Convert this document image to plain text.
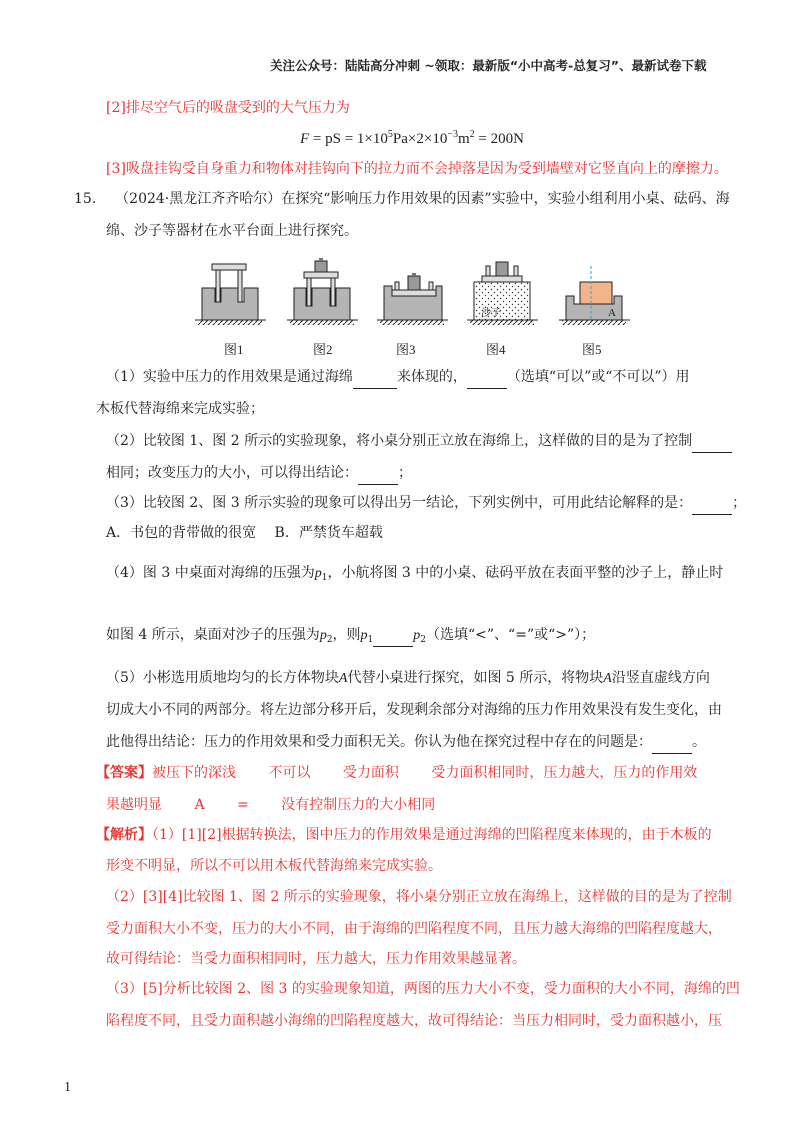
关注公众号：陆陆高分冲刺 ~领取：最新版“小中高考-总复习”、最新试卷下载
[2]排尽空气后的吸盘受到的大气压力为
F = pS = $1\times 10^5Pa\times 2\times 10^{-3}m^2 = 200N$
[3]吸盘挂钩受自身重力和物体对挂钩向下的拉力而不会掉落是因为受到墙壁对它竖直向上的摩擦力。
15. （2024·黑龙江齐齐哈尔）在探究“影响压力作用效果的因素”实验中，实验小组利用小桌、砝码、海
绵、沙子等器材在水平台面上进行探究。
沙子	A
图1	图2	图3	图4	图5
（1）实验中压力的作用效果是通过海绵	来体现的，	（选填“可以”或“不可以”）用
木板代替海绵来完成实验；
（2）比较图 1、图 2 所示的实验现象，将小桌分别正立放在海绵上，这样做的目的是为了控制
相同；改变压力的大小，可以得出结论：	；
（3）比较图 2、图 3 所示实验的现象可以得出另一结论，下列实例中，可用此结论解释的是：	；
A．书包的背带做的很宽　 B．严禁货车超载
（4）图 3 中桌面对海绵的压强为$p_1$，小航将图 3 中的小桌、砝码平放在表面平整的沙子上，静止时
如图 4 所示，桌面对沙子的压强为$p_2$，则$p_1$	$p_2$（选填“<”、“=”或“>”）；
（5）小彬选用质地均匀的长方体物块A代替小桌进行探究，如图 5 所示，将物块A沿竖直虚线方向
切成大小不同的两部分。将左边部分移开后，发现剩余部分对海绵的压力作用效果没有发生变化，由
此他得出结论：压力的作用效果和受力面积无关。你认为他在探究过程中存在的问题是：	。
【答案】被压下的深浅　　 不可以　　 受力面积　　 受力面积相同时，压力越大，压力的作用效
果越明显　　 A　　 =　　 没有控制压力的大小相同
【解析】（1）[1][2]根据转换法，图中压力的作用效果是通过海绵的凹陷程度来体现的，由于木板的
形变不明显，所以不可以用木板代替海绵来完成实验。
（2）[3][4]比较图 1、图 2 所示的实验现象，将小桌分别正立放在海绵上，这样做的目的是为了控制
受力面积大小不变，压力的大小不同，由于海绵的凹陷程度不同，且压力越大海绵的凹陷程度越大，
故可得结论：当受力面积相同时，压力越大，压力作用效果越显著。
（3）[5]分析比较图 2、图 3 的实验现象知道，两图的压力大小不变，受力面积的大小不同，海绵的凹
陷程度不同，且受力面积越小海绵的凹陷程度越大，故可得结论：当压力相同时，受力面积越小，压
1
